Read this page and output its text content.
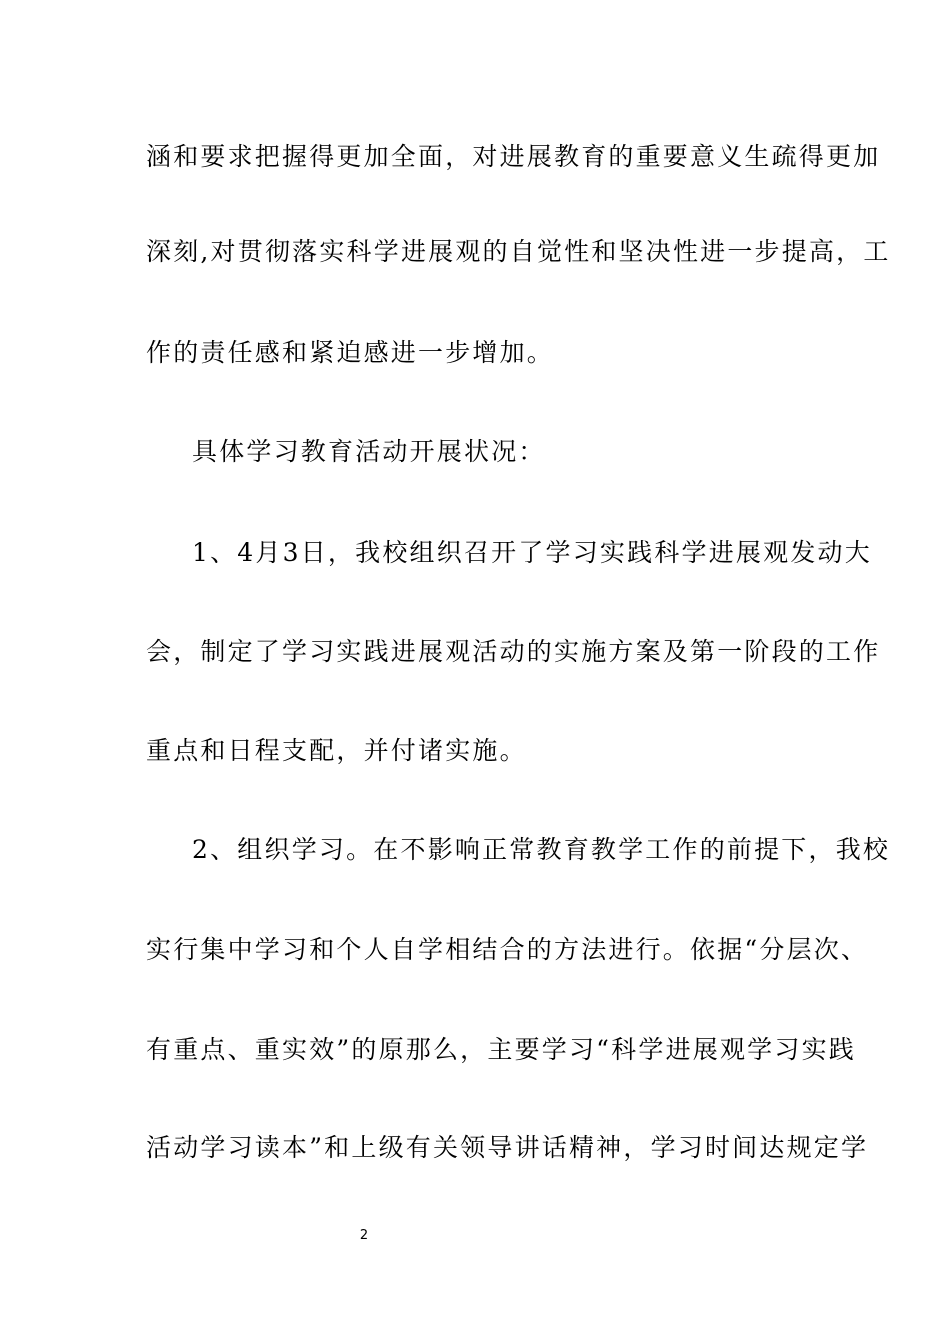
涵和要求把握得更加全面，对进展教育的重要意义生疏得更加
深刻,对贯彻落实科学进展观的自觉性和坚决性进一步提高，工
作的责任感和紧迫感进一步增加。
具体学习教育活动开展状况：
1、4月3日，我校组织召开了学习实践科学进展观发动大
会，制定了学习实践进展观活动的实施方案及第一阶段的工作
重点和日程支配，并付诸实施。
2、组织学习。在不影响正常教育教学工作的前提下，我校
实行集中学习和个人自学相结合的方法进行。依据“分层次、
有重点、重实效”的原那么，主要学习“科学进展观学习实践
活动学习读本”和上级有关领导讲话精神，学习时间达规定学
2
